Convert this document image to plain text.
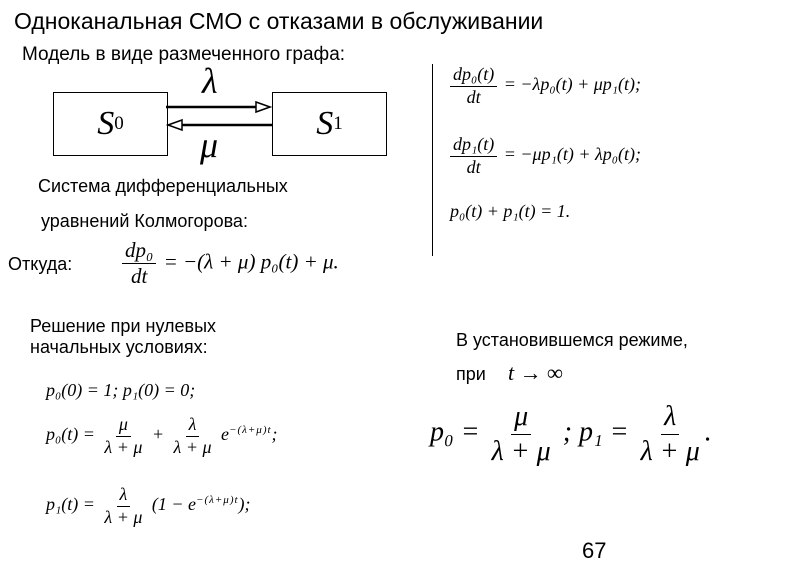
Одноканальная СМО с отказами в обслуживании
Модель в виде размеченного графа:
S 0	S 1
λ
μ
Система дифференциальных
уравнений Колмогорова:
$\frac{\text{dp₀(t)}}{dt} = -\lambda p_0(t) + \mu p_1(t)$;
$\frac{\text{dp₁(t)}}{dt} = -\mu p_1(t) + \lambda p_0(t)$;
p₀(t) + p₁(t) = 1.
Откуда: $\frac{\text{dp₀}}{dt} = -(\lambda + \mu) p_0(t) + \mu$.
Решение при нулевых
начальных условиях:
p₀(0) = 1; p₁(0) = 0;
$p_0(t) = \frac{\mu}{\lambda + \mu} + \frac{\lambda}{\lambda + \mu} e^{-(\lambda+\mu)t}$;
$p_1(t) = \frac{\lambda}{\lambda + \mu} (1 - e^{-(\lambda+\mu)t})$;
В установившемся режиме,
при t → ∞
$p_0 = \frac{\mu}{\lambda + \mu}$ ; $p_1 = \frac{\lambda}{\lambda + \mu}$ .
67
